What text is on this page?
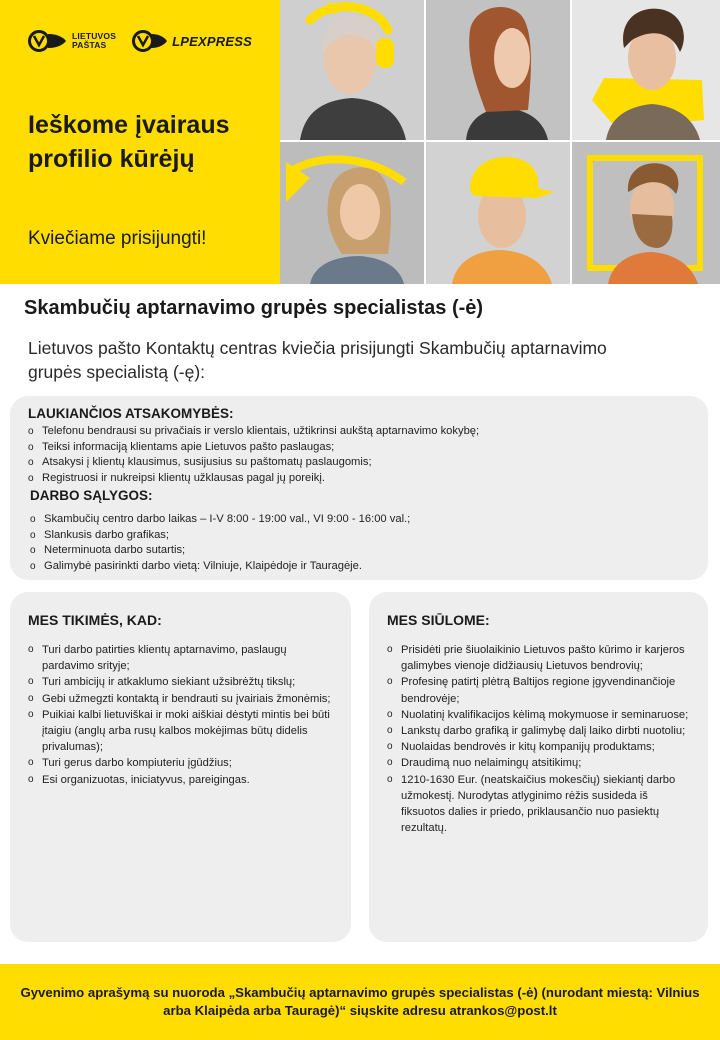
LIETUVOS
PAŠTAS	LPEXPRESS
Ieškome įvairaus profilio kūrėjų
Kviečiame prisijungti!
Skambučių aptarnavimo grupės specialistas (-ė)
Lietuvos pašto Kontaktų centras kviečia prisijungti Skambučių aptarnavimo grupės specialistą (-ę):
LAUKIANČIOS ATSAKOMYBĖS:
o Telefonu bendrausi su privačiais ir verslo klientais, užtikrinsi aukštą aptarnavimo kokybę;
o Teiksi informaciją klientams apie Lietuvos pašto paslaugas;
o Atsakysi į klientų klausimus, susijusius su paštomatų paslaugomis;
o Registruosi ir nukreipsi klientų užklausas pagal jų poreikį.
DARBO SĄLYGOS:
o Skambučių centro darbo laikas – I-V 8:00 - 19:00 val., VI 9:00 - 16:00 val.;
o Slankusis darbo grafikas;
o Neterminuota darbo sutartis;
o Galimybė pasirinkti darbo vietą: Vilniuje, Klaipėdoje ir Tauragėje.
MES TIKIMĖS, KAD:
o Turi darbo patirties klientų aptarnavimo, paslaugų pardavimo srityje;
o Turi ambicijų ir atkaklumo siekiant užsibrėžtų tikslų;
o Gebi užmegzti kontaktą ir bendrauti su įvairiais žmonėmis;
o Puikiai kalbi lietuviškai ir moki aiškiai dėstyti mintis bei būti įtaigiu (anglų arba rusų kalbos mokėjimas būtų didelis privalumas);
o Turi gerus darbo kompiuteriu įgūdžius;
o Esi organizuotas, iniciatyvus, pareigingas.
MES SIŪLOME:
o Prisidėti prie šiuolaikinio Lietuvos pašto kūrimo ir karjeros galimybes vienoje didžiausių Lietuvos bendrovių;
o Profesinę patirtį plėtrą Baltijos regione įgyvendinančioje bendrovėje;
o Nuolatinį kvalifikacijos kėlimą mokymuose ir seminaruose;
o Lankstų darbo grafiką ir galimybę dalį laiko dirbti nuotoliu;
o Nuolaidas bendrovės ir kitų kompanijų produktams;
o Draudimą nuo nelaimingų atsitikimų;
o 1210-1630 Eur. (neatskaičius mokesčių) siekiantį darbo užmokestį. Nurodytas atlyginimo rėžis susideda iš fiksuotos dalies ir priedo, priklausančio nuo pasiektų rezultatų.
Gyvenimo aprašymą su nuoroda „Skambučių aptarnavimo grupės specialistas (-ė) (nurodant miestą: Vilnius arba Klaipėda arba Tauragė)“ siųskite adresu atrankos@post.lt
